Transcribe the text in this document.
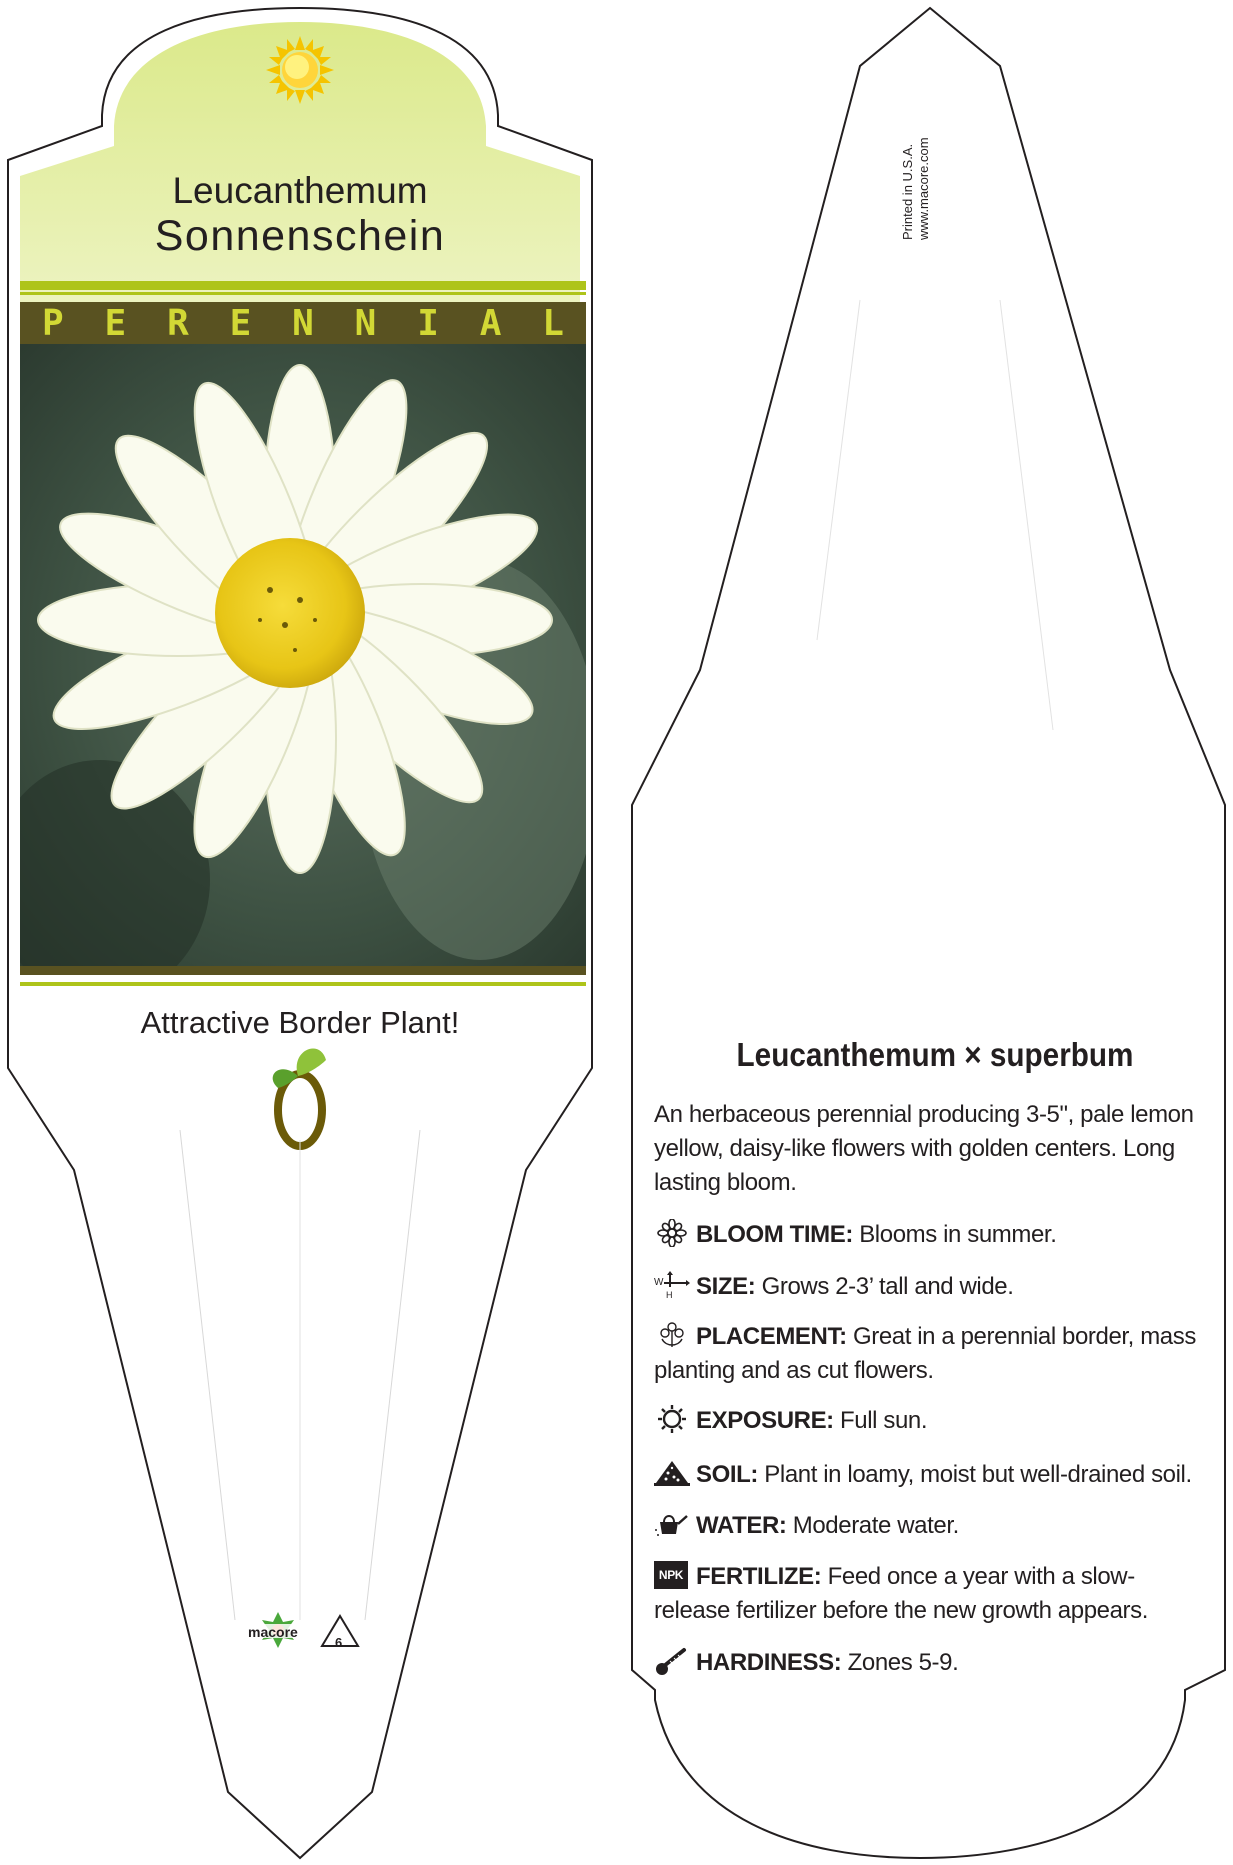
Leucanthemum
Sonnenschein
P E R E N N I A L
Attractive Border Plant!
macore
6
Printed in U.S.A. www.macore.com
Leucanthemum × superbum
An herbaceous perennial producing 3-5", pale lemon yellow, daisy-like flowers with golden centers. Long lasting bloom.
BLOOM TIME: Blooms in summer.
W
H SIZE: Grows 2-3’ tall and wide.
PLACEMENT: Great in a perennial border, mass planting and as cut flowers.
EXPOSURE: Full sun.
SOIL: Plant in loamy, moist but well-drained soil.
WATER: Moderate water.
NPK FERTILIZE: Feed once a year with a slow-release fertilizer before the new growth appears.
HARDINESS: Zones 5-9.
